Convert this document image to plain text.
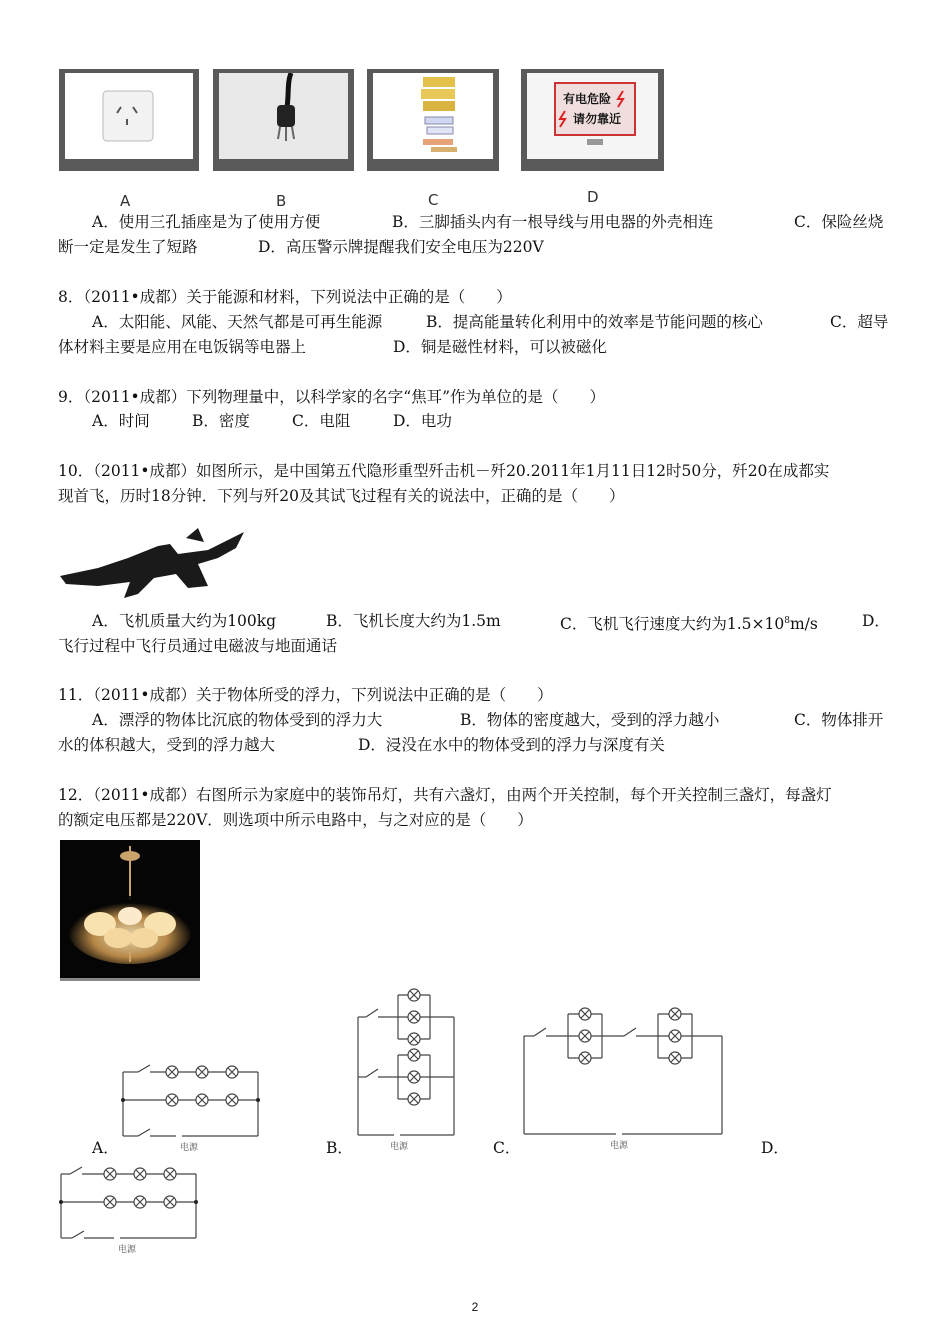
有电危险
请勿靠近
A	B	C	D
A．使用三孔插座是为了使用方便	B．三脚插头内有一根导线与用电器的外壳相连	C．保险丝烧
断一定是发生了短路	D．高压警示牌提醒我们安全电压为220V
8．（2011•成都）关于能源和材料，下列说法中正确的是（　　）
A．太阳能、风能、天然气都是可再生能源	B．提高能量转化利用中的效率是节能问题的核心	C．超导
体材料主要是应用在电饭锅等电器上	D．铜是磁性材料，可以被磁化
9．（2011•成都）下列物理量中，以科学家的名字“焦耳”作为单位的是（　　）
A．时间	B．密度	C．电阻	D．电功
10．（2011•成都）如图所示，是中国第五代隐形重型歼击机－歼20.2011年1月11日12时50分，歼20在成都实
现首飞，历时18分钟．下列与歼20及其试飞过程有关的说法中，正确的是（　　）
A．飞机质量大约为100kg	B．飞机长度大约为1.5m	C．飞机飞行速度大约为$1.5\times 10^8m/s$	D．
飞行过程中飞行员通过电磁波与地面通话
11．（2011•成都）关于物体所受的浮力，下列说法中正确的是（　　）
A．漂浮的物体比沉底的物体受到的浮力大	B．物体的密度越大，受到的浮力越小	C．物体排开
水的体积越大，受到的浮力越大	D．浸没在水中的物体受到的浮力与深度有关
12．（2011•成都）右图所示为家庭中的装饰吊灯，共有六盏灯，由两个开关控制，每个开关控制三盏灯，每盏灯
的额定电压都是220V．则选项中所示电路中，与之对应的是（　　）
电源	电源	电源
A．	B．	C．	D．
电源
2
